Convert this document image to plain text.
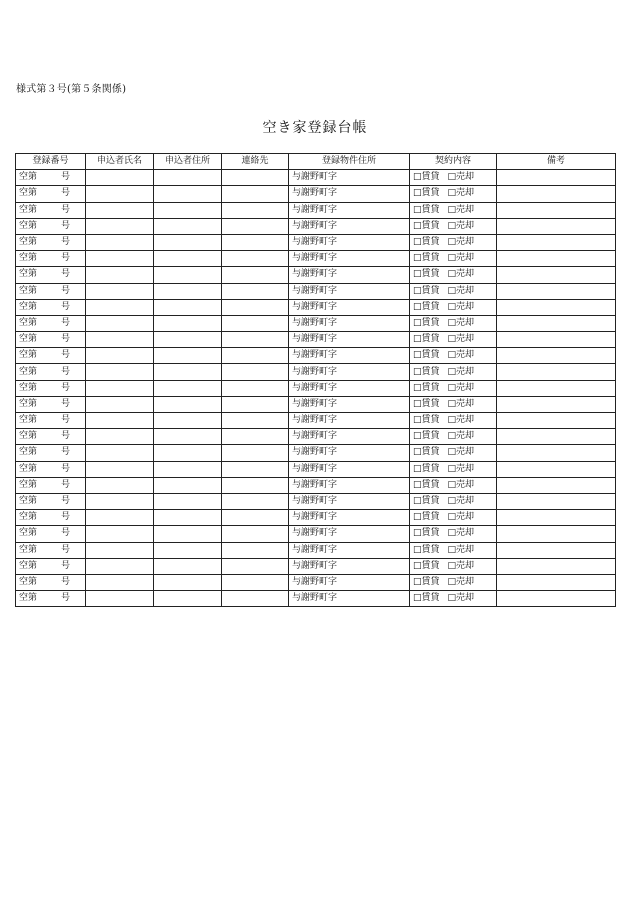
様式第３号(第５条関係)
空き家登録台帳
登録番号	申込者氏名	申込者住所	連絡先	登録物件住所	契約内容	備考
空第 号				与謝野町字	□賃貸 □売却	
空第 号				与謝野町字	□賃貸 □売却	
空第 号				与謝野町字	□賃貸 □売却	
空第 号				与謝野町字	□賃貸 □売却	
空第 号				与謝野町字	□賃貸 □売却	
空第 号				与謝野町字	□賃貸 □売却	
空第 号				与謝野町字	□賃貸 □売却	
空第 号				与謝野町字	□賃貸 □売却	
空第 号				与謝野町字	□賃貸 □売却	
空第 号				与謝野町字	□賃貸 □売却	
空第 号				与謝野町字	□賃貸 □売却	
空第 号				与謝野町字	□賃貸 □売却	
空第 号				与謝野町字	□賃貸 □売却	
空第 号				与謝野町字	□賃貸 □売却	
空第 号				与謝野町字	□賃貸 □売却	
空第 号				与謝野町字	□賃貸 □売却	
空第 号				与謝野町字	□賃貸 □売却	
空第 号				与謝野町字	□賃貸 □売却	
空第 号				与謝野町字	□賃貸 □売却	
空第 号				与謝野町字	□賃貸 □売却	
空第 号				与謝野町字	□賃貸 □売却	
空第 号				与謝野町字	□賃貸 □売却	
空第 号				与謝野町字	□賃貸 □売却	
空第 号				与謝野町字	□賃貸 □売却	
空第 号				与謝野町字	□賃貸 □売却	
空第 号				与謝野町字	□賃貸 □売却	
空第 号				与謝野町字	□賃貸 □売却	
